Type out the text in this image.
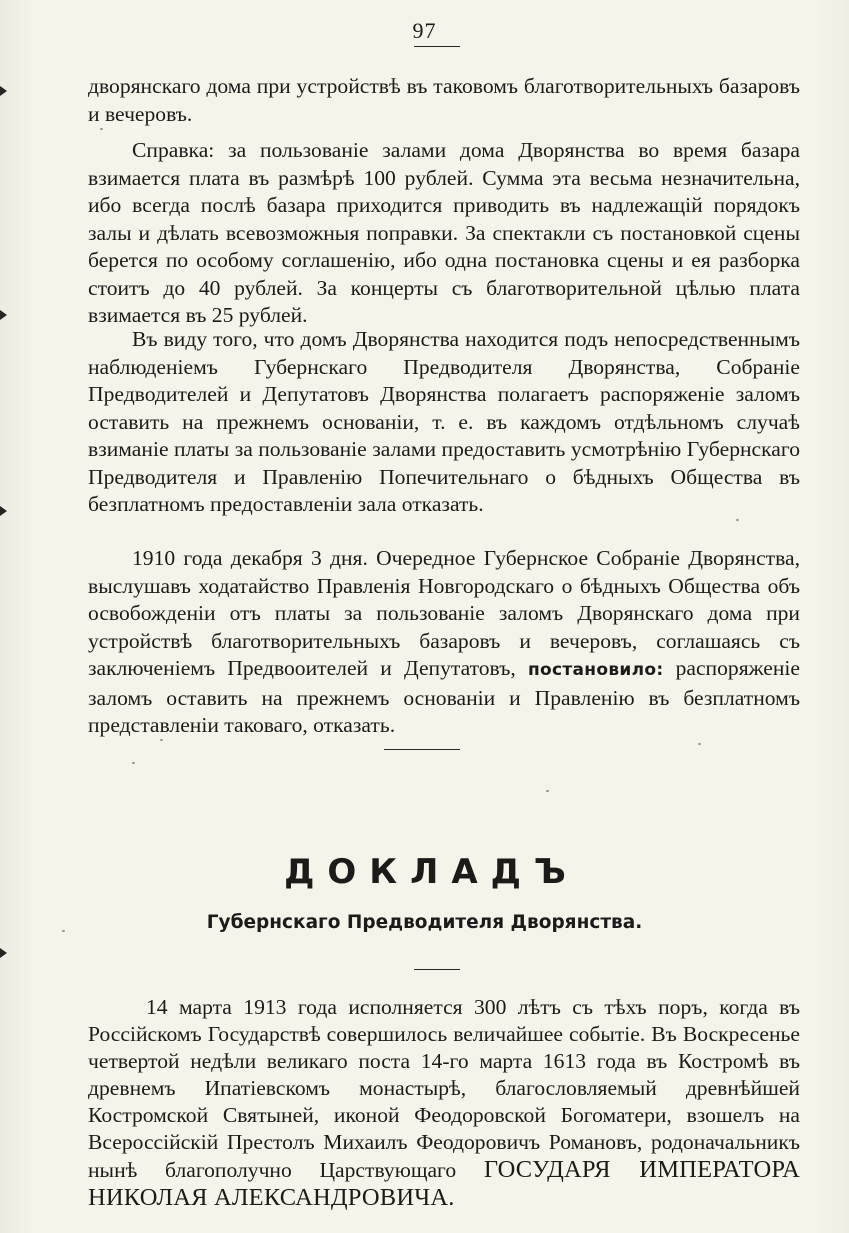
97

дворянскаго дома при устройствѣ въ таковомъ благотворительныхъ базаровъ и вечеровъ.

Справка: за пользованіе залами дома Дворянства во время базара взимается плата въ размѣрѣ 100 рублей. Сумма эта весьма незначительна, ибо всегда послѣ базара приходится приводить въ надлежащій порядокъ залы и дѣлать всевозможныя поправки. За спектакли съ постановкой сцены берется по особому соглашенію, ибо одна постановка сцены и ея разборка стоитъ до 40 рублей. За концерты съ благотворительной цѣлью плата взимается въ 25 рублей.

Въ виду того, что домъ Дворянства находится подъ непосредственнымъ наблюденіемъ Губернскаго Предводителя Дворянства, Собраніе Предводителей и Депутатовъ Дворянства полагаетъ распоряженіе заломъ оставить на прежнемъ основаніи, т. е. въ каждомъ отдѣльномъ случаѣ взиманіе платы за пользованіе залами предоставить усмотрѣнію Губернскаго Предводителя и Правленію Попечительнаго о бѣдныхъ Общества въ безплатномъ предоставленіи зала отказать.

1910 года декабря 3 дня. Очередное Губернское Собраніе Дворянства, выслушавъ ходатайство Правленія Новгородскаго о бѣдныхъ Общества объ освобожденіи отъ платы за пользованіе заломъ Дворянскаго дома при устройствѣ благотворительныхъ базаровъ и вечеровъ, соглашаясь съ заключеніемъ Предвооителей и Депутатовъ, постановило: распоряженіе заломъ оставить на прежнемъ основаніи и Правленію въ безплатномъ представленіи таковаго, отказать.

ДОКЛАДЪ
Губернскаго Предводителя Дворянства.

14 марта 1913 года исполняется 300 лѣтъ съ тѣхъ поръ, когда въ Россійскомъ Государствѣ совершилось величайшее событіе. Въ Воскресенье четвертой недѣли великаго поста 14-го марта 1613 года въ Костромѣ въ древнемъ Ипатіевскомъ монастырѣ, благословляемый древнѣйшей Костромской Святыней, иконой Феодоровской Богоматери, взошелъ на Всероссійскій Престолъ Михаилъ Феодоровичъ Романовъ, родоначальникъ нынѣ благополучно Царствующаго ГОСУДАРЯ ИМПЕРАТОРА НИКОЛАЯ АЛЕКСАНДРОВИЧА.
